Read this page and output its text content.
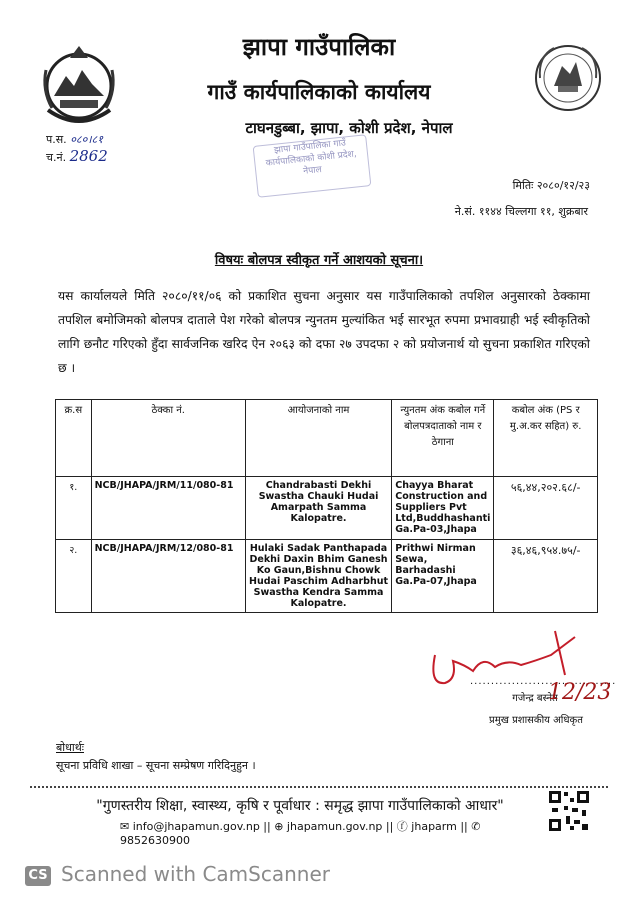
झापा गाउँपालिका
गाउँ कार्यपालिकाको कार्यालय
टाघनडुब्बा, झापा, कोशी प्रदेश, नेपाल
प.स. ०८०।८१
च.नं. 2862	झापा गाउँपालिका गाउँ कार्यपालिकाको कोशी प्रदेश, नेपाल
मितिः २०८०/१२/२३
ने.सं. ११४४ चिल्लगा ११, शुक्रबार
विषयः बोलपत्र स्वीकृत गर्ने आशयको सूचना।
यस कार्यालयले मिति २०८०/११/०६ को प्रकाशित सुचना अनुसार यस गाउँपालिकाको तपशिल अनुसारको ठेक्कामा तपशिल बमोजिमको बोलपत्र दाताले पेश गरेको बोलपत्र न्युनतम मुल्यांकित भई सारभूत रुपमा प्रभावग्राही भई स्वीकृतिको लागि छनौट गरिएको हुँदा सार्वजनिक खरिद ऐन २०६३ को दफा २७ उपदफा २ को प्रयोजनार्थ यो सुचना प्रकाशित गरिएको छ ।
क्र.स	ठेक्का नं.	आयोजनाको नाम	न्युनतम अंक कबोल गर्ने बोलपत्रदाताको नाम र ठेगाना	कबोल अंक (PS र मु.अ.कर सहित) रु.
१.	NCB/JHAPA/JRM/11/080-81	Chandrabasti Dekhi Swastha Chauki Hudai Amarpath Samma Kalopatre.	Chayya Bharat Construction and Suppliers Pvt Ltd,Buddhashanti Ga.Pa-03,Jhapa	५६,४४,२०२.६८/-
२.	NCB/JHAPA/JRM/12/080-81	Hulaki Sadak Panthapada Dekhi Daxin Bhim Ganesh Ko Gaun,Bishnu Chowk Hudai Paschim Adharbhut Swastha Kendra Samma Kalopatre.	Prithwi Nirman Sewa, Barhadashi Ga.Pa-07,Jhapa	३६,४६,९५४.७५/-
...................................
गजेन्द्र बस्नेत
प्रमुख प्रशासकीय अधिकृत
12/23
बोधार्थः
सूचना प्रविधि शाखा – सूचना सम्प्रेषण गरिदिनुहुन ।
"गुणस्तरीय शिक्षा, स्वास्थ्य, कृषि र पूर्वाधार : समृद्ध झापा गाउँपालिकाको आधार"
✉ info@jhapamun.gov.np || ⊕ jhapamun.gov.np || ⓕ jhaparm || ✆ 9852630900
CS Scanned with CamScanner
